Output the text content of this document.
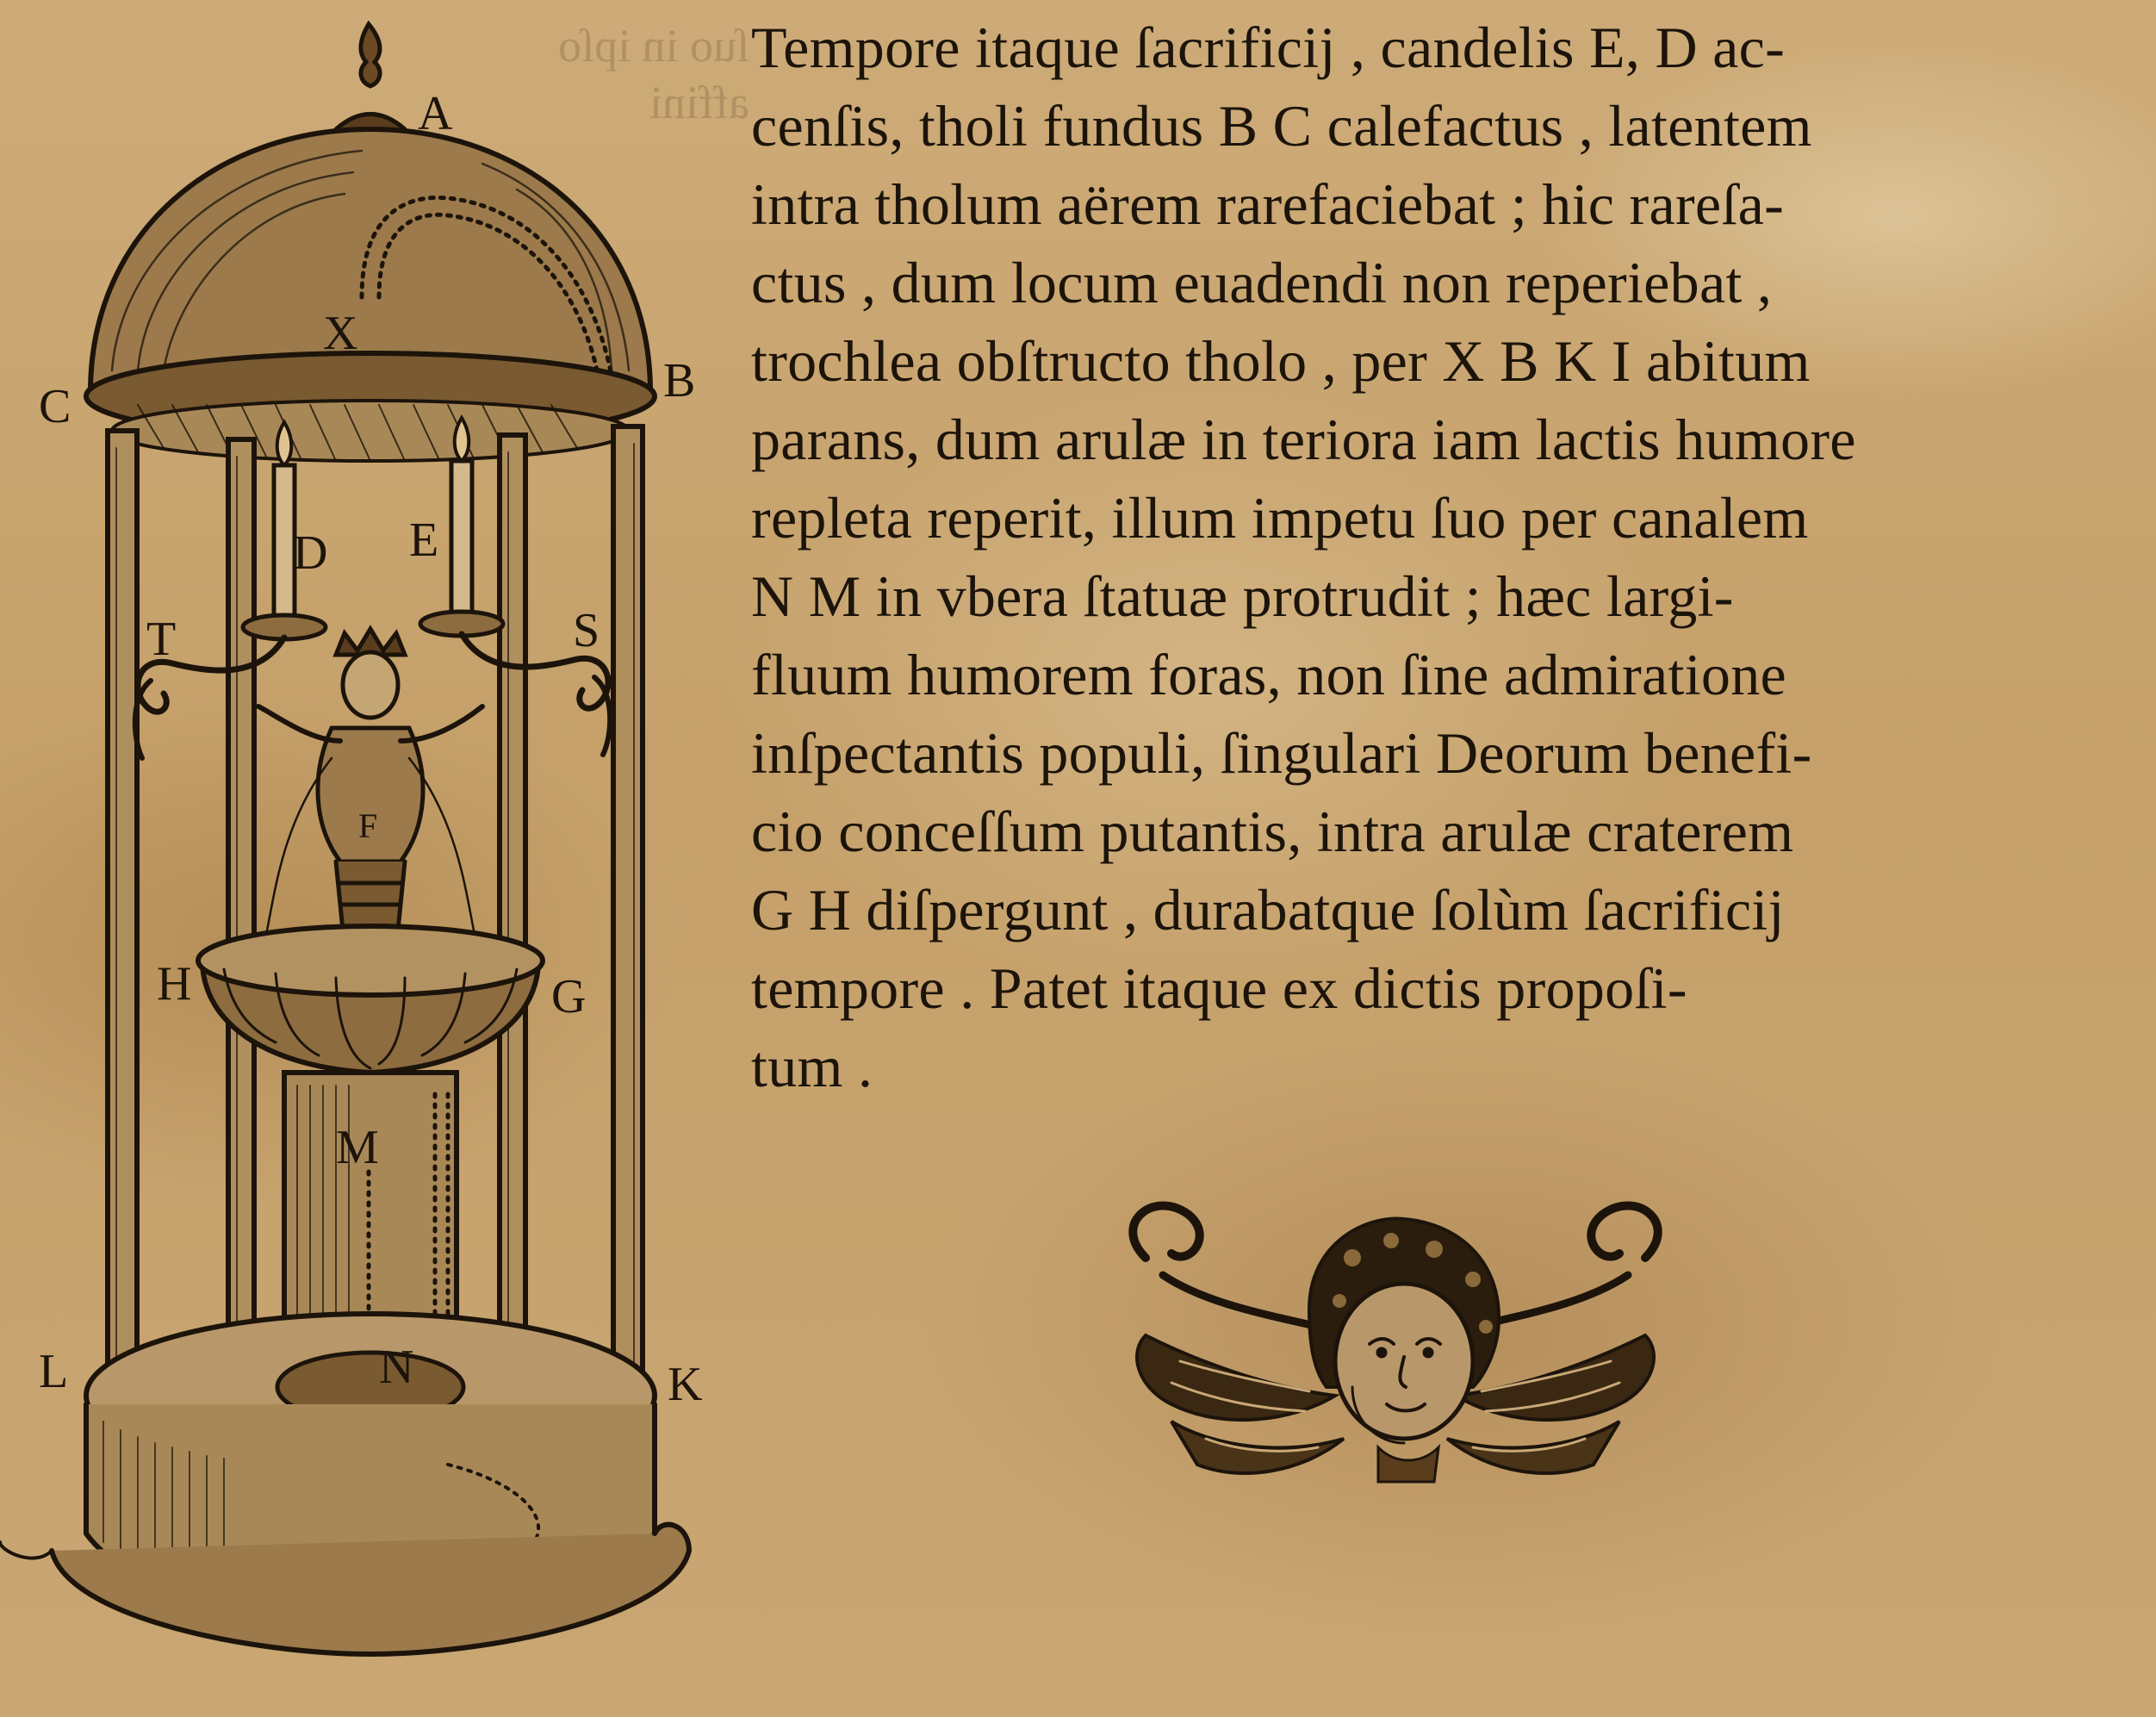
ſuo in ipſo
affini
A
X
C	B
D E
T	S
F
H	G
M
N
L	K
Tempore itaque ſacrificij , candelis E, D ac-
cenſis, tholi fundus B C calefactus , latentem
intra tholum aërem rarefaciebat ; hic rareſa-
ctus , dum locum euadendi non reperiebat ,
trochlea obſtructo tholo , per X B K I abitum
parans, dum arulæ in teriora iam lactis humore
repleta reperit, illum impetu ſuo per canalem
N M in vbera ſtatuæ protrudit ; hæc largi-
fluum humorem foras, non ſine admiratione
inſpectantis populi, ſingulari Deorum benefi-
cio conceſſum putantis, intra arulæ craterem
G H diſpergunt , durabatque ſolùm ſacrificij
tempore . Patet itaque ex dictis propoſi-
tum .
